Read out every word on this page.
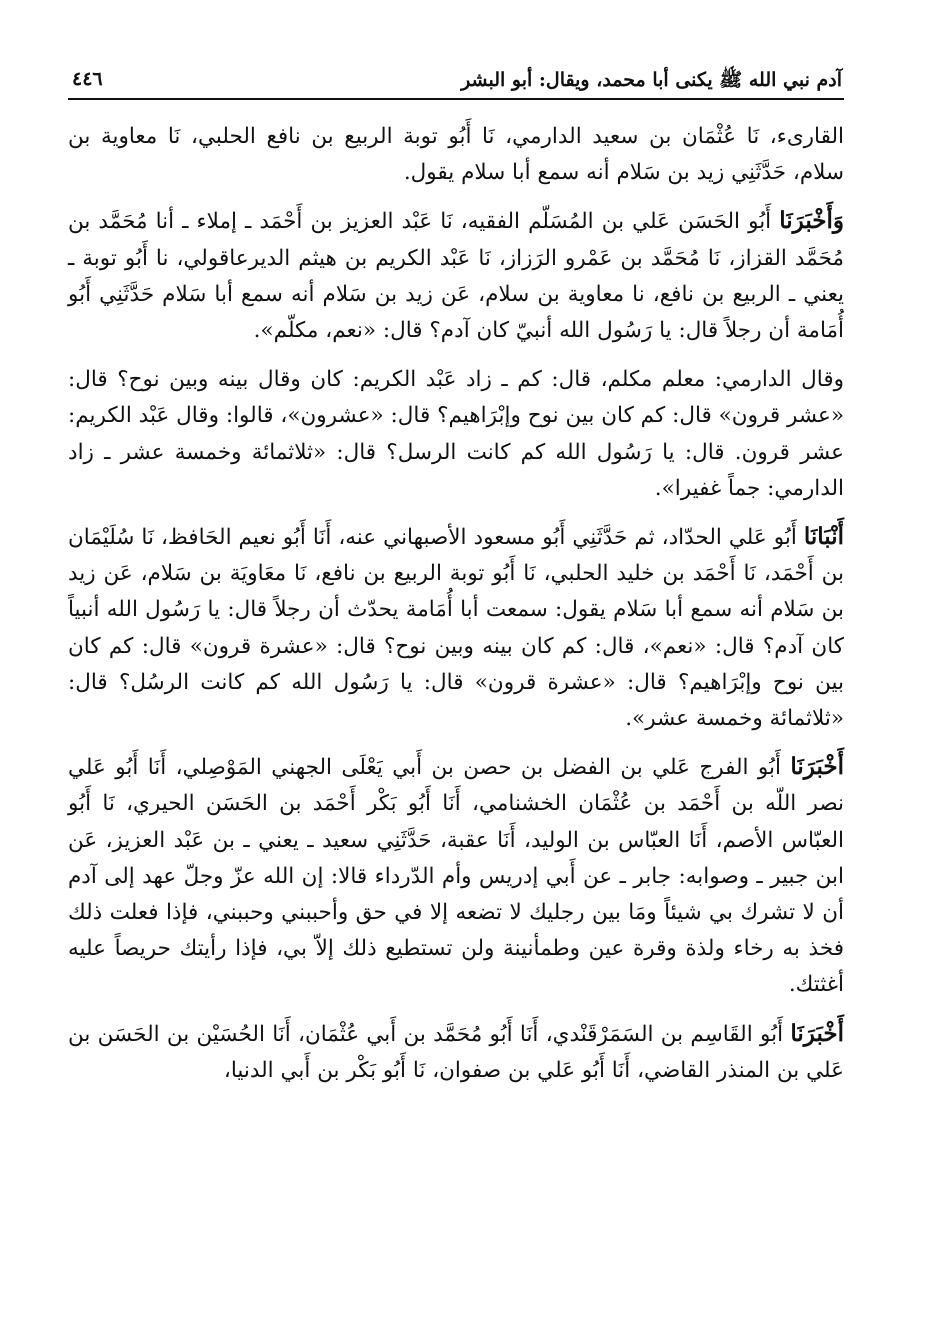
آدم نبي الله ﷺ يكنى أبا محمد، ويقال: أبو البشر
٤٤٦

القارىء، نَا عُثْمَان بن سعيد الدارمي، نَا أَبُو توبة الربيع بن نافع الحلبي، نَا معاوية بن سلام، حَدَّثَنِي زيد بن سَلام أنه سمع أبا سلام يقول.

وَأَخْبَرَنَا أَبُو الحَسَن عَلي بن المُسَلّم الفقيه، نَا عَبْد العزيز بن أَحْمَد ـ إملاء ـ أنا مُحَمَّد بن مُحَمَّد القزاز، نَا مُحَمَّد بن عَمْرو الرَزاز، نَا عَبْد الكريم بن هيثم الديرعاقولي، نا أَبُو توبة ـ يعني ـ الربيع بن نافع، نا معاوية بن سلام، عَن زيد بن سَلام أنه سمع أبا سَلام حَدَّثَنِي أَبُو أُمَامة أن رجلاً قال: يا رَسُول الله أنبيّ كان آدم؟ قال: «نعم، مكلّم».

وقال الدارمي: معلم مكلم، قال: كم ـ زاد عَبْد الكريم: كان وقال بينه وبين نوح؟ قال: «عشر قرون» قال: كم كان بين نوح وإبْرَاهيم؟ قال: «عشرون»، قالوا: وقال عَبْد الكريم: عشر قرون. قال: يا رَسُول الله كم كانت الرسل؟ قال: «ثلاثمائة وخمسة عشر ـ زاد الدارمي: جماً غفيرا».

أَنْبَانَا أَبُو عَلي الحدّاد، ثم حَدَّثَنِي أَبُو مسعود الأصبهاني عنه، أَنَا أَبُو نعيم الحَافظ، نَا سُلَيْمَان بن أَحْمَد، نَا أَحْمَد بن خليد الحلبي، نَا أَبُو توبة الربيع بن نافع، نَا معَاويَة بن سَلام، عَن زيد بن سَلام أنه سمع أبا سَلام يقول: سمعت أبا أُمَامة يحدّث أن رجلاً قال: يا رَسُول الله أنبياً كان آدم؟ قال: «نعم»، قال: كم كان بينه وبين نوح؟ قال: «عشرة قرون» قال: كم كان بين نوح وإبْرَاهيم؟ قال: «عشرة قرون» قال: يا رَسُول الله كم كانت الرسُل؟ قال: «ثلاثمائة وخمسة عشر».

أَخْبَرَنَا أَبُو الفرج عَلي بن الفضل بن حصن بن أَبي يَعْلَى الجهني المَوْصِلي، أَنَا أَبُو عَلي نصر اللّه بن أَحْمَد بن عُثْمَان الخشنامي، أَنَا أَبُو بَكْر أَحْمَد بن الحَسَن الحيري، نَا أَبُو العبّاس الأصم، أَنَا العبّاس بن الوليد، أَنَا عقبة، حَدَّثَنِي سعيد ـ يعني ـ بن عَبْد العزيز، عَن ابن جبير ـ وصوابه: جابر ـ عن أَبي إدريس وأم الدّرداء قالا: إن الله عزّ وجلّ عهد إلى آدم أن لا تشرك بي شيئاً ومَا بين رجليك لا تضعه إلا في حق وأحببني وحببني، فإذا فعلت ذلك فخذ به رخاء ولذة وقرة عين وطمأنينة ولن تستطيع ذلك إلاّ بي، فإذا رأيتك حريصاً عليه أغثتك.

أَخْبَرَنَا أَبُو القَاسِم بن السَمَرْقَنْدي، أَنَا أَبُو مُحَمَّد بن أَبي عُثْمَان، أَنَا الحُسَيْن بن الحَسَن بن عَلي بن المنذر القاضي، أَنَا أَبُو عَلي بن صفوان، نَا أَبُو بَكْر بن أَبي الدنيا،
